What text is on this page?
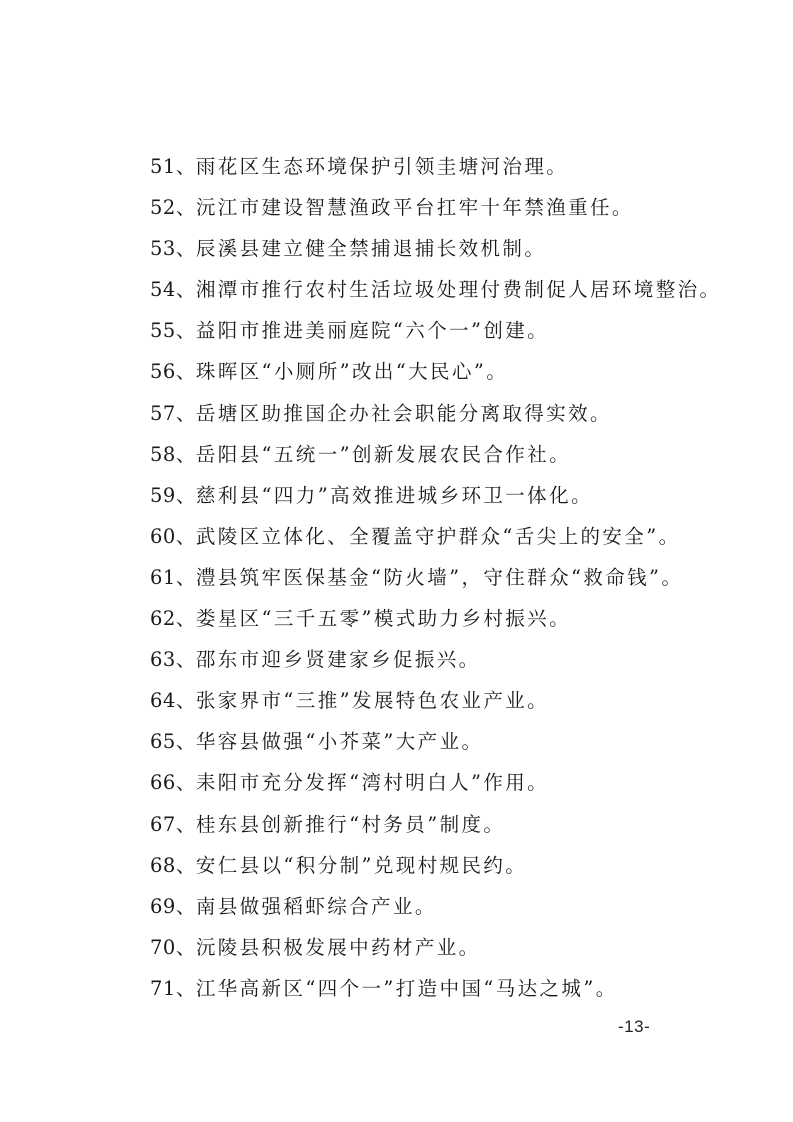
51、雨花区生态环境保护引领圭塘河治理。
52、沅江市建设智慧渔政平台扛牢十年禁渔重任。
53、辰溪县建立健全禁捕退捕长效机制。
54、湘潭市推行农村生活垃圾处理付费制促人居环境整治。
55、益阳市推进美丽庭院“六个一”创建。
56、珠晖区“小厕所”改出“大民心”。
57、岳塘区助推国企办社会职能分离取得实效。
58、岳阳县“五统一”创新发展农民合作社。
59、慈利县“四力”高效推进城乡环卫一体化。
60、武陵区立体化、全覆盖守护群众“舌尖上的安全”。
61、澧县筑牢医保基金“防火墙”，守住群众“救命钱”。
62、娄星区“三千五零”模式助力乡村振兴。
63、邵东市迎乡贤建家乡促振兴。
64、张家界市“三推”发展特色农业产业。
65、华容县做强“小芥菜”大产业。
66、耒阳市充分发挥“湾村明白人”作用。
67、桂东县创新推行“村务员”制度。
68、安仁县以“积分制”兑现村规民约。
69、南县做强稻虾综合产业。
70、沅陵县积极发展中药材产业。
71、江华高新区“四个一”打造中国“马达之城”。
-13-
